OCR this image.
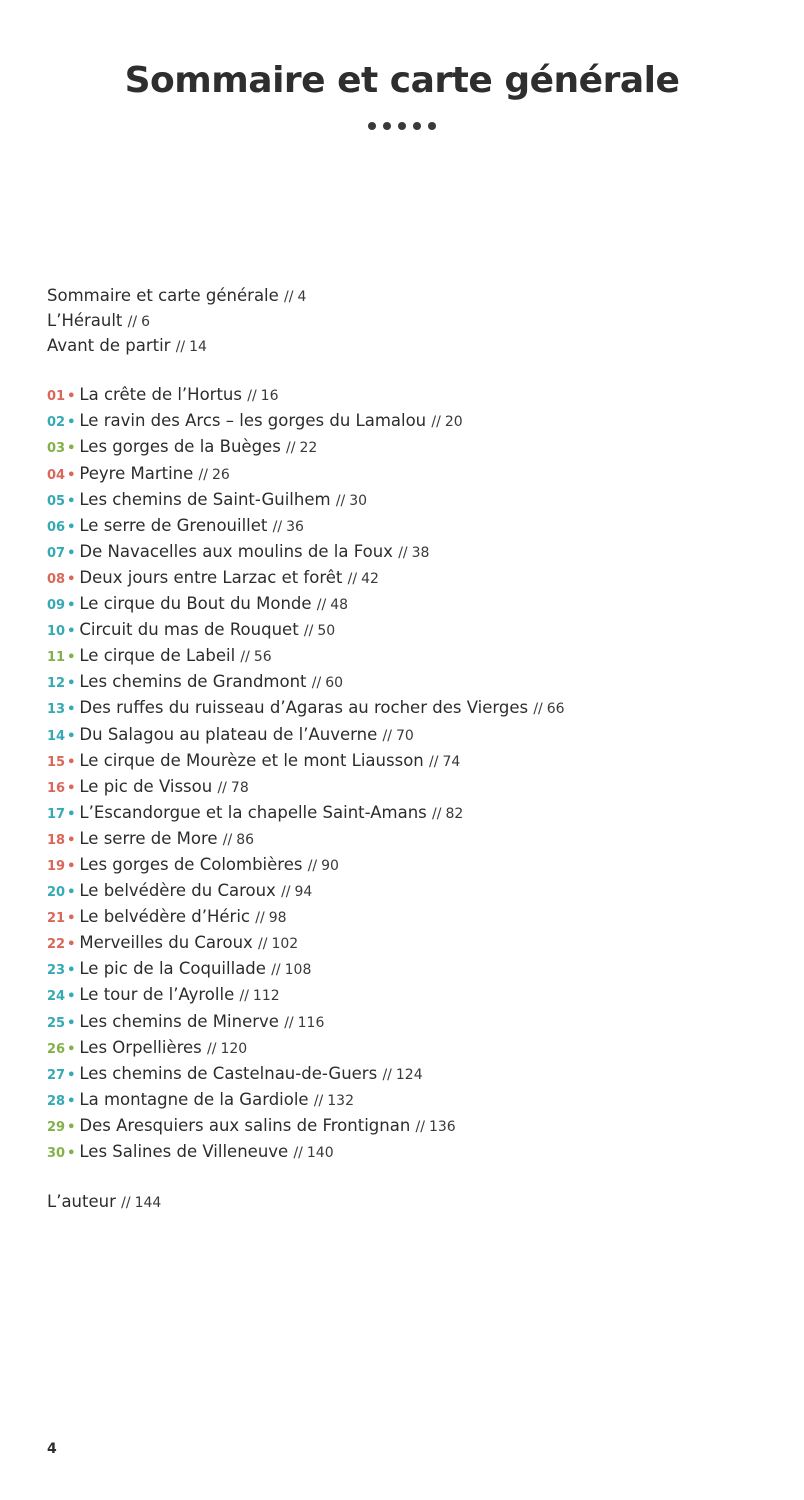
Sommaire et carte générale
Sommaire et carte générale // 4
L’Hérault // 6
Avant de partir // 14
01 • La crête de l’Hortus // 16
02 • Le ravin des Arcs – les gorges du Lamalou // 20
03 • Les gorges de la Buèges // 22
04 • Peyre Martine // 26
05 • Les chemins de Saint-Guilhem // 30
06 • Le serre de Grenouillet // 36
07 • De Navacelles aux moulins de la Foux // 38
08 • Deux jours entre Larzac et forêt // 42
09 • Le cirque du Bout du Monde // 48
10 • Circuit du mas de Rouquet // 50
11 • Le cirque de Labeil // 56
12 • Les chemins de Grandmont // 60
13 • Des ruffes du ruisseau d’Agaras au rocher des Vierges // 66
14 • Du Salagou au plateau de l’Auverne // 70
15 • Le cirque de Mourèze et le mont Liausson // 74
16 • Le pic de Vissou // 78
17 • L’Escandorgue et la chapelle Saint-Amans // 82
18 • Le serre de More // 86
19 • Les gorges de Colombières // 90
20 • Le belvédère du Caroux // 94
21 • Le belvédère d’Héric // 98
22 • Merveilles du Caroux // 102
23 • Le pic de la Coquillade // 108
24 • Le tour de l’Ayrolle // 112
25 • Les chemins de Minerve // 116
26 • Les Orpellières // 120
27 • Les chemins de Castelnau-de-Guers // 124
28 • La montagne de la Gardiole // 132
29 • Des Aresquiers aux salins de Frontignan // 136
30 • Les Salines de Villeneuve // 140
L’auteur // 144
4
